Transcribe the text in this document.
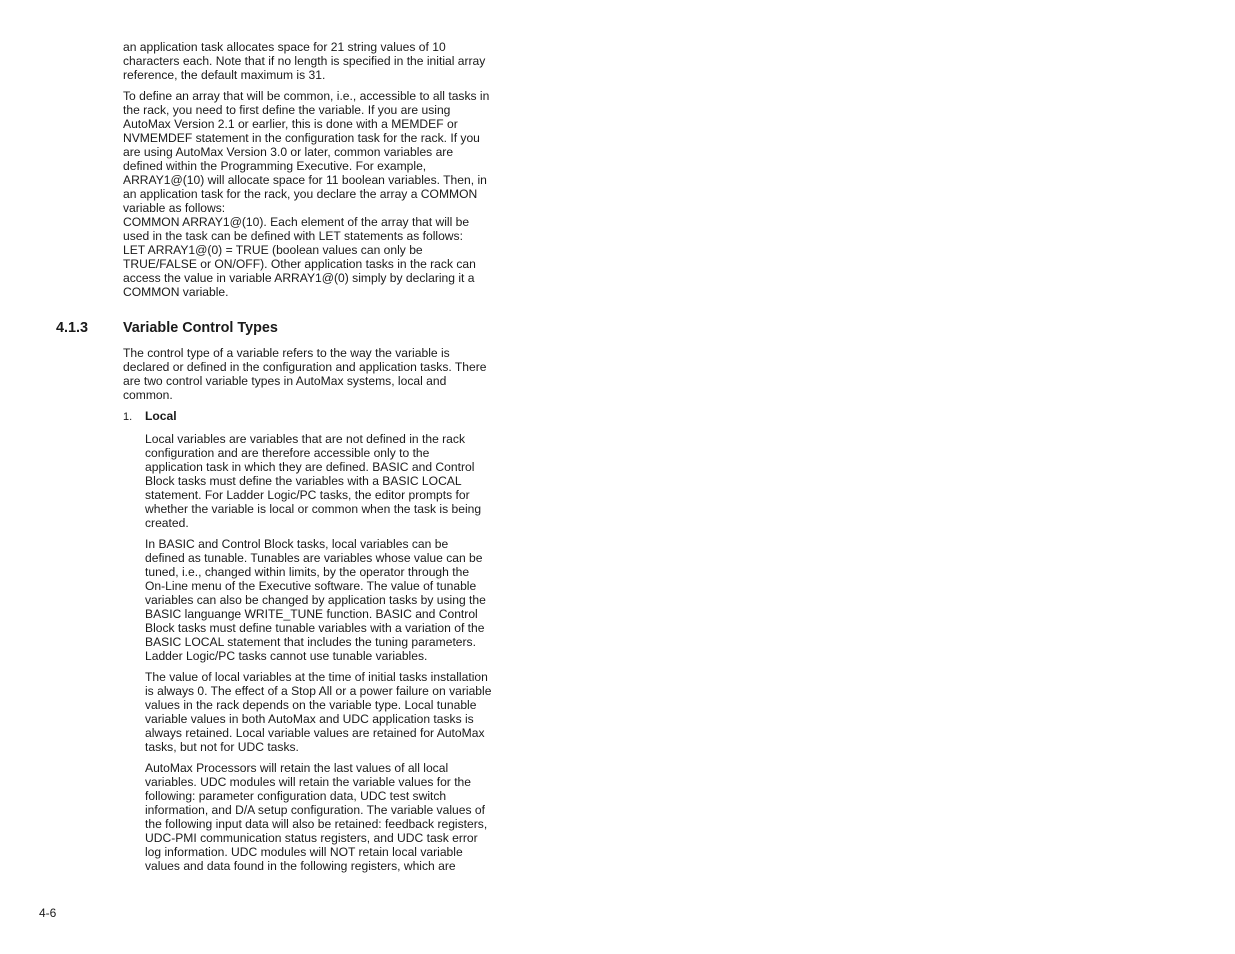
an application task allocates space for 21 string values of 10
characters each. Note that if no length is specified in the initial array
reference, the default maximum is 31.

To define an array that will be common, i.e., accessible to all tasks in
the rack, you need to first define the variable. If you are using
AutoMax Version 2.1 or earlier, this is done with a MEMDEF or
NVMEMDEF statement in the configuration task for the rack. If you
are using AutoMax Version 3.0 or later, common variables are
defined within the Programming Executive. For example,
ARRAY1@(10) will allocate space for 11 boolean variables. Then, in
an application task for the rack, you declare the array a COMMON
variable as follows:
COMMON ARRAY1@(10). Each element of the array that will be
used in the task can be defined with LET statements as follows:
LET ARRAY1@(0) = TRUE (boolean values can only be
TRUE/FALSE or ON/OFF). Other application tasks in the rack can
access the value in variable ARRAY1@(0) simply by declaring it a
COMMON variable.

4.1.3 Variable Control Types

The control type of a variable refers to the way the variable is
declared or defined in the configuration and application tasks. There
are two control variable types in AutoMax systems, local and
common.

1. Local

Local variables are variables that are not defined in the rack
configuration and are therefore accessible only to the
application task in which they are defined. BASIC and Control
Block tasks must define the variables with a BASIC LOCAL
statement. For Ladder Logic/PC tasks, the editor prompts for
whether the variable is local or common when the task is being
created.

In BASIC and Control Block tasks, local variables can be
defined as tunable. Tunables are variables whose value can be
tuned, i.e., changed within limits, by the operator through the
On-Line menu of the Executive software. The value of tunable
variables can also be changed by application tasks by using the
BASIC languange WRITE_TUNE function. BASIC and Control
Block tasks must define tunable variables with a variation of the
BASIC LOCAL statement that includes the tuning parameters.
Ladder Logic/PC tasks cannot use tunable variables.

The value of local variables at the time of initial tasks installation
is always 0. The effect of a Stop All or a power failure on variable
values in the rack depends on the variable type. Local tunable
variable values in both AutoMax and UDC application tasks is
always retained. Local variable values are retained for AutoMax
tasks, but not for UDC tasks.

AutoMax Processors will retain the last values of all local
variables. UDC modules will retain the variable values for the
following: parameter configuration data, UDC test switch
information, and D/A setup configuration. The variable values of
the following input data will also be retained: feedback registers,
UDC-PMI communication status registers, and UDC task error
log information. UDC modules will NOT retain local variable
values and data found in the following registers, which are

4-6
